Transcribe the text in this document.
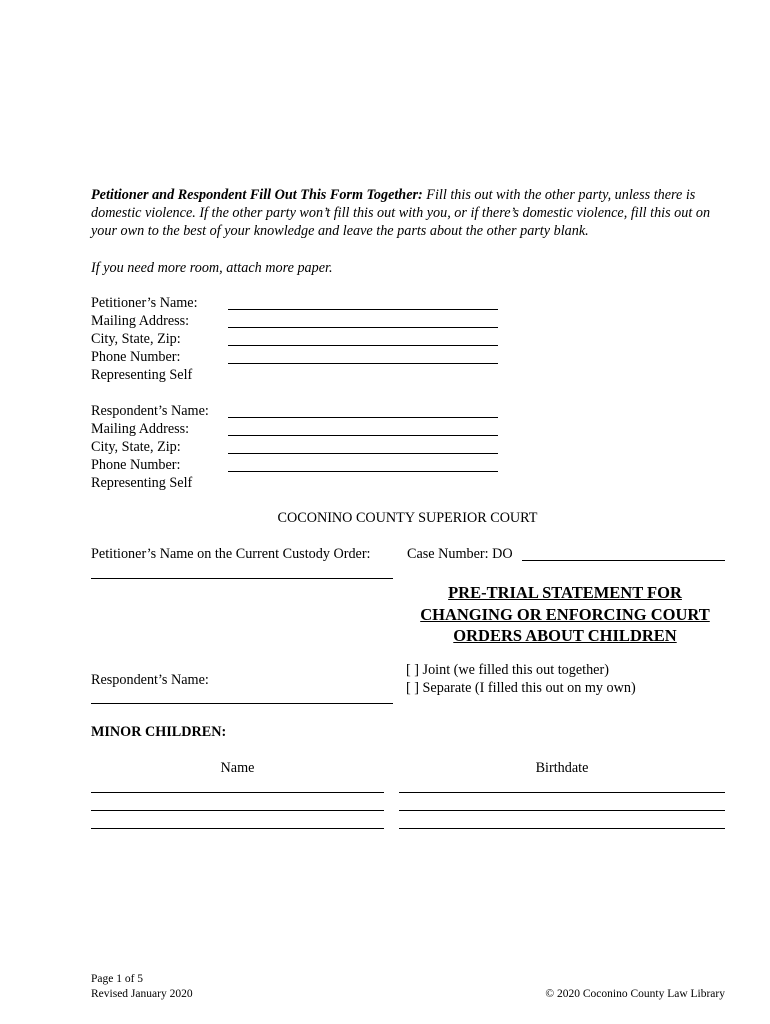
Petitioner and Respondent Fill Out This Form Together: Fill this out with the other party, unless there is domestic violence. If the other party won’t fill this out with you, or if there’s domestic violence, fill this out on your own to the best of your knowledge and leave the parts about the other party blank.
If you need more room, attach more paper.
Petitioner’s Name:
Mailing Address:
City, State, Zip:
Phone Number:
Representing Self
Respondent’s Name:
Mailing Address:
City, State, Zip:
Phone Number:
Representing Self
COCONINO COUNTY SUPERIOR COURT
Petitioner’s Name on the Current Custody Order:	Case Number: DO
PRE-TRIAL STATEMENT FOR
CHANGING OR ENFORCING COURT
ORDERS ABOUT CHILDREN
Respondent’s Name:
[ ] Joint (we filled this out together)
[ ] Separate (I filled this out on my own)
MINOR CHILDREN:
Name	Birthdate
Page 1 of 5
Revised January 2020	© 2020 Coconino County Law Library
